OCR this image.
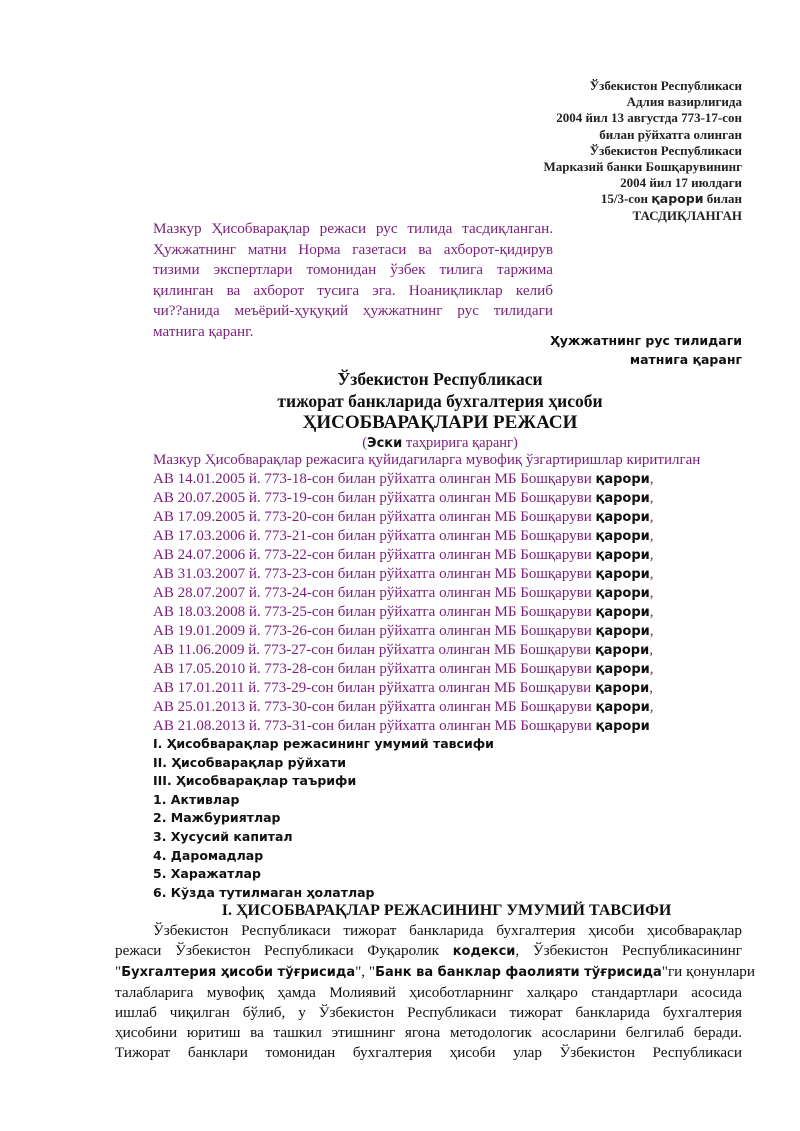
Ўзбекистон Республикаси
Адлия вазирлигида
2004 йил 13 августда 773-17-сон
билан рўйхатга олинган
Ўзбекистон Республикаси
Марказий банки Бошқарувининг
2004 йил 17 июлдаги
15/3-сон қарори билан
ТАСДИҚЛАНГАН
Мазкур Ҳисобварақлар режаси рус тилида тасдиқланган.
Ҳужжатнинг матни Норма газетаси ва ахборот-қидирув
тизими экспертлари томонидан ўзбек тилига таржима
қилинган ва ахборот тусига эга. Ноаниқликлар келиб
чи??анида меъёрий-ҳуқуқий ҳужжатнинг рус тилидаги
матнига қаранг.
Ҳужжатнинг рус тилидаги
матнига қаранг
Ўзбекистон Республикаси
тижорат банкларида бухгалтерия ҳисоби
ҲИСОБВАРАҚЛАРИ РЕЖАСИ
(Эски таҳририга қаранг)
Мазкур Ҳисобварақлар режасига қуйидагиларга мувофиқ ўзгартиришлар киритилган
АВ 14.01.2005 й. 773-18-сон билан рўйхатга олинган МБ Бошқаруви қарори,
АВ 20.07.2005 й. 773-19-сон билан рўйхатга олинган МБ Бошқаруви қарори,
АВ 17.09.2005 й. 773-20-сон билан рўйхатга олинган МБ Бошқаруви қарори,
АВ 17.03.2006 й. 773-21-сон билан рўйхатга олинган МБ Бошқаруви қарори,
АВ 24.07.2006 й. 773-22-сон билан рўйхатга олинган МБ Бошқаруви қарори,
АВ 31.03.2007 й. 773-23-сон билан рўйхатга олинган МБ Бошқаруви қарори,
АВ 28.07.2007 й. 773-24-сон билан рўйхатга олинган МБ Бошқаруви қарори,
АВ 18.03.2008 й. 773-25-сон билан рўйхатга олинган МБ Бошқаруви қарори,
АВ 19.01.2009 й. 773-26-сон билан рўйхатга олинган МБ Бошқаруви қарори,
АВ 11.06.2009 й. 773-27-сон билан рўйхатга олинган МБ Бошқаруви қарори,
АВ 17.05.2010 й. 773-28-сон билан рўйхатга олинган МБ Бошқаруви қарори,
АВ 17.01.2011 й. 773-29-сон билан рўйхатга олинган МБ Бошқаруви қарори,
АВ 25.01.2013 й. 773-30-сон билан рўйхатга олинган МБ Бошқаруви қарори,
АВ 21.08.2013 й. 773-31-сон билан рўйхатга олинган МБ Бошқаруви қарори
I. Ҳисобварақлар режасининг умумий тавсифи
II. Ҳисобварақлар рўйхати
III. Ҳисобварақлар таърифи
1. Активлар
2. Мажбуриятлар
3. Хусусий капитал
4. Даромадлар
5. Харажатлар
6. Кўзда тутилмаган ҳолатлар
I. ҲИСОБВАРАҚЛАР РЕЖАСИНИНГ УМУМИЙ ТАВСИФИ
Ўзбекистон Республикаси тижорат банкларида бухгалтерия ҳисоби ҳисобварақлар
режаси Ўзбекистон Республикаси Фуқаролик кодекси, Ўзбекистон Республикасининг
"Бухгалтерия ҳисоби тўғрисида", "Банк ва банклар фаолияти тўғрисида"ги қонунлари
талабларига мувофиқ ҳамда Молиявий ҳисоботларнинг халқаро стандартлари асосида
ишлаб чиқилган бўлиб, у Ўзбекистон Республикаси тижорат банкларида бухгалтерия
ҳисобини юритиш ва ташкил этишнинг ягона методологик асосларини белгилаб беради.
Тижорат банклари томонидан бухгалтерия ҳисоби улар Ўзбекистон Республикаси
